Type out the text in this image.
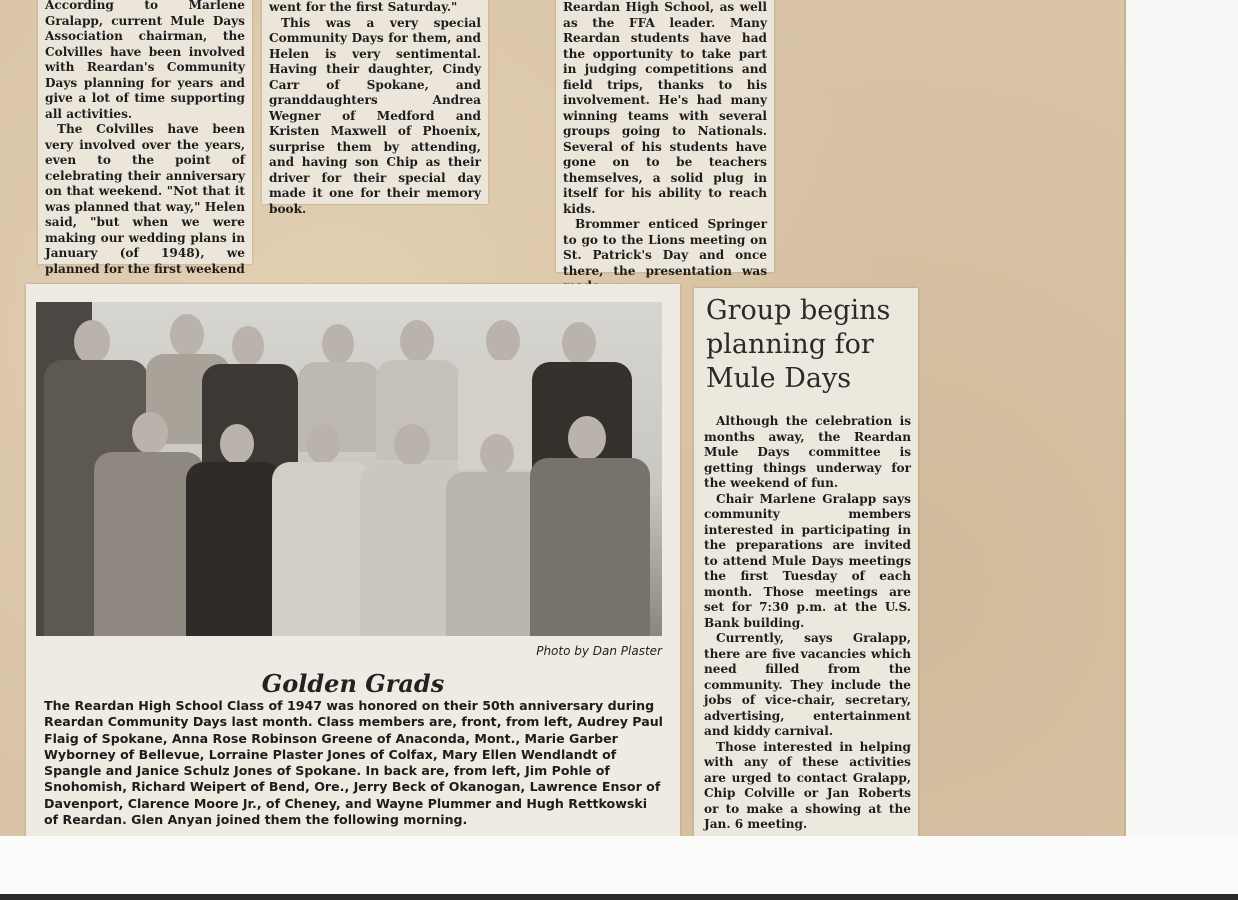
According to Marlene Gralapp, current Mule Days Association chairman, the Colvilles have been involved with Reardan's Community Days planning for years and give a lot of time supporting all activities.

The Colvilles have been very involved over the years, even to the point of celebrating their anniversary on that weekend. "Not that it was planned that way," Helen said, "but when we were making our wedding plans in January (of 1948), we planned for the first weekend

went for the first Saturday."

This was a very special Community Days for them, and Helen is very sentimental. Having their daughter, Cindy Carr of Spokane, and granddaughters Andrea Wegner of Medford and Kristen Maxwell of Phoenix, surprise them by attending, and having son Chip as their driver for their special day made it one for their memory book.

Reardan High School, as well as the FFA leader. Many Reardan students have had the opportunity to take part in judging competitions and field trips, thanks to his involvement. He's had many winning teams with several groups going to Nationals. Several of his students have gone on to be teachers themselves, a solid plug in itself for his ability to reach kids.

Brommer enticed Springer to go to the Lions meeting on St. Patrick's Day and once there, the presentation was

Photo by Dan Plaster
Golden Grads
The Reardan High School Class of 1947 was honored on their 50th anniversary during Reardan Community Days last month. Class members are, front, from left, Audrey Paul Flaig of Spokane, Anna Rose Robinson Greene of Anaconda, Mont., Marie Garber Wyborney of Bellevue, Lorraine Plaster Jones of Colfax, Mary Ellen Wendlandt of Spangle and Janice Schulz Jones of Spokane. In back are, from left, Jim Pohle of Snohomish, Richard Weipert of Bend, Ore., Jerry Beck of Okanogan, Lawrence Ensor of Davenport, Clarence Moore Jr., of Cheney, and Wayne Plummer and Hugh Rettkowski of Reardan. Glen Anyan joined them the following morning.
Group begins planning for Mule Days

Although the celebration is months away, the Reardan Mule Days committee is getting things underway for the weekend of fun.

Chair Marlene Gralapp says community members interested in participating in the preparations are invited to attend Mule Days meetings the first Tuesday of each month. Those meetings are set for 7:30 p.m. at the U.S. Bank building.

Currently, says Gralapp, there are five vacancies which need filled from the community. They include the jobs of vice-chair, secretary, advertising, entertainment and kiddy carnival.

Those interested in helping with any of these activities are urged to contact Gralapp, Chip Colville or Jan Roberts or to make a showing at the Jan. 6 meeting.
